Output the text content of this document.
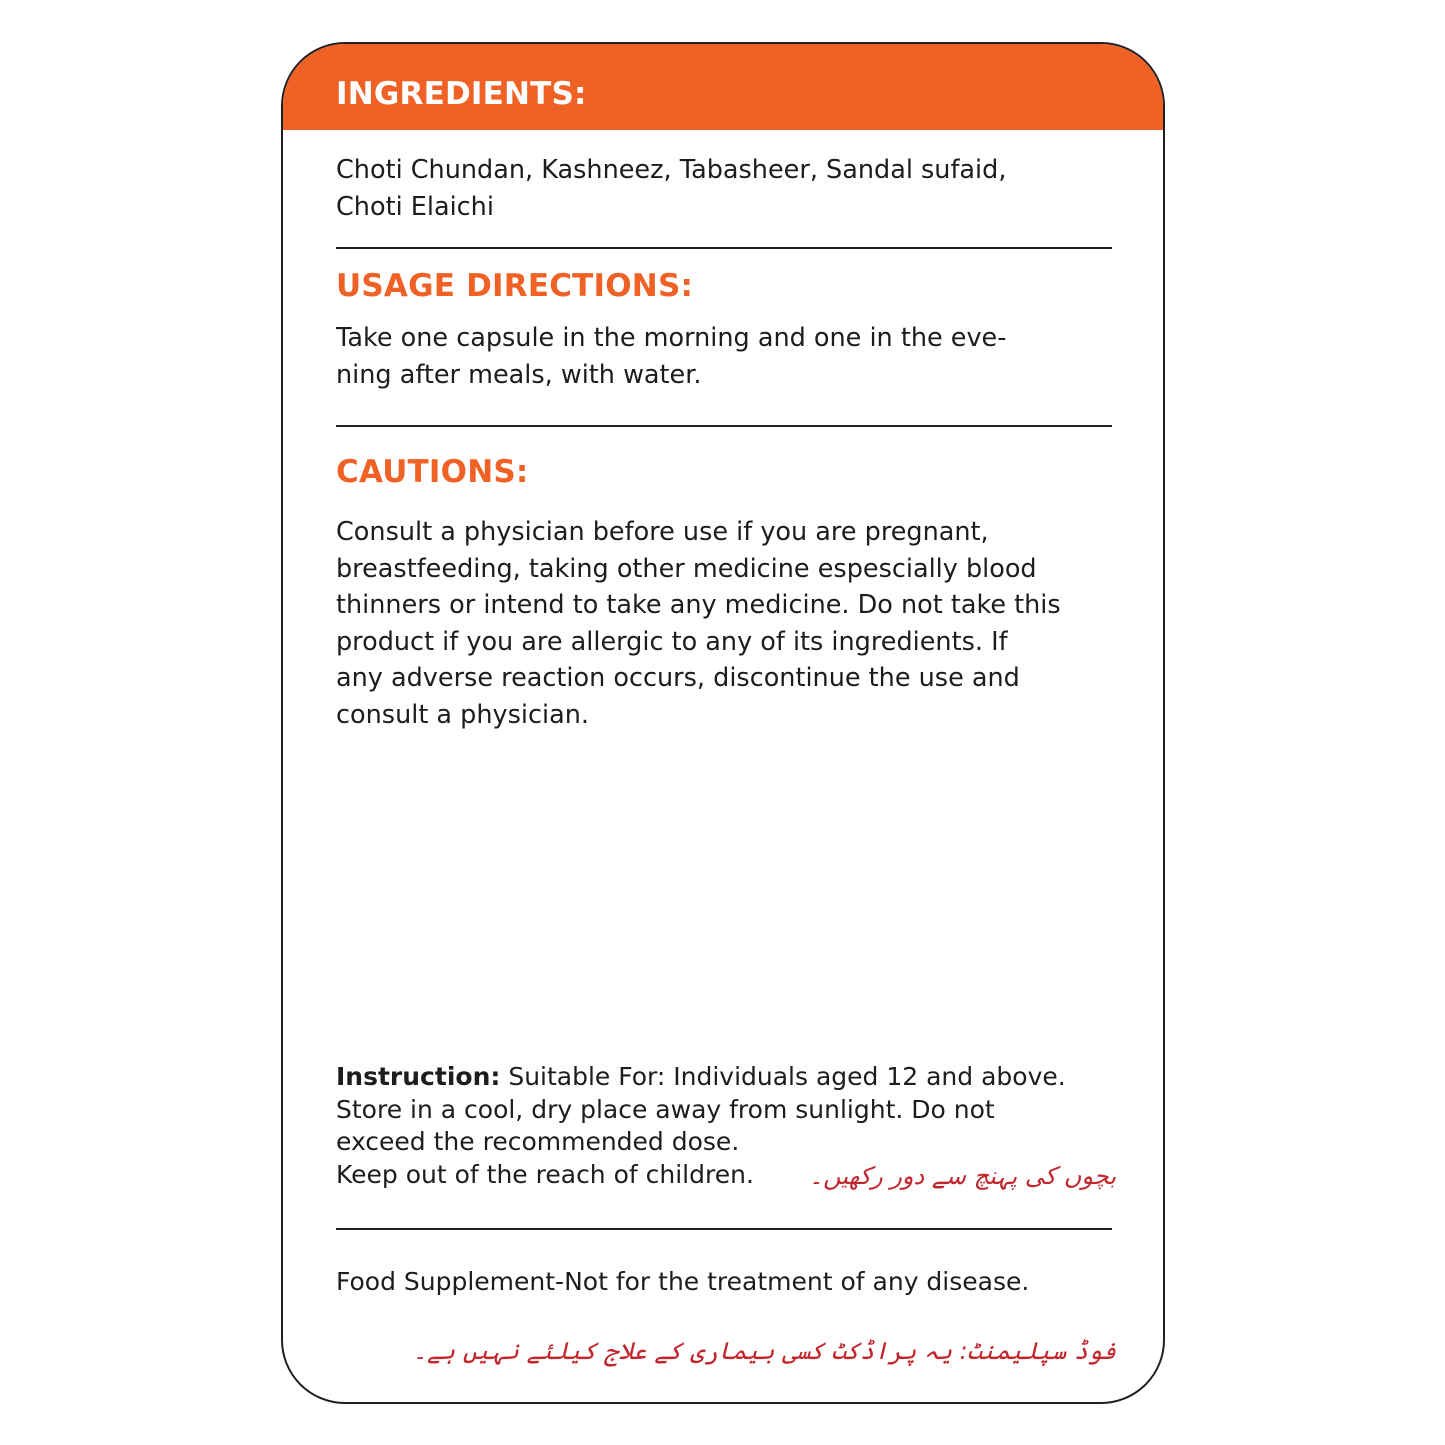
INGREDIENTS:
Choti Chundan, Kashneez, Tabasheer, Sandal sufaid,
Choti Elaichi
USAGE DIRECTIONS:
Take one capsule in the morning and one in the eve-
ning after meals, with water.
CAUTIONS:
Consult a physician before use if you are pregnant,
breastfeeding, taking other medicine espescially blood
thinners or intend to take any medicine. Do not take this
product if you are allergic to any of its ingredients. If
any adverse reaction occurs, discontinue the use and
consult a physician.
Instruction: Suitable For: Individuals aged 12 and above.
Store in a cool, dry place away from sunlight. Do not
exceed the recommended dose.
Keep out of the reach of children.	بچوں کی پہنچ سے دور رکھیں۔

Food Supplement-Not for the treatment of any disease.

فوڈ سپلیمنٹ: یہ پراڈکٹ کسی بیماری کے علاج کیلئے نہیں ہے۔
